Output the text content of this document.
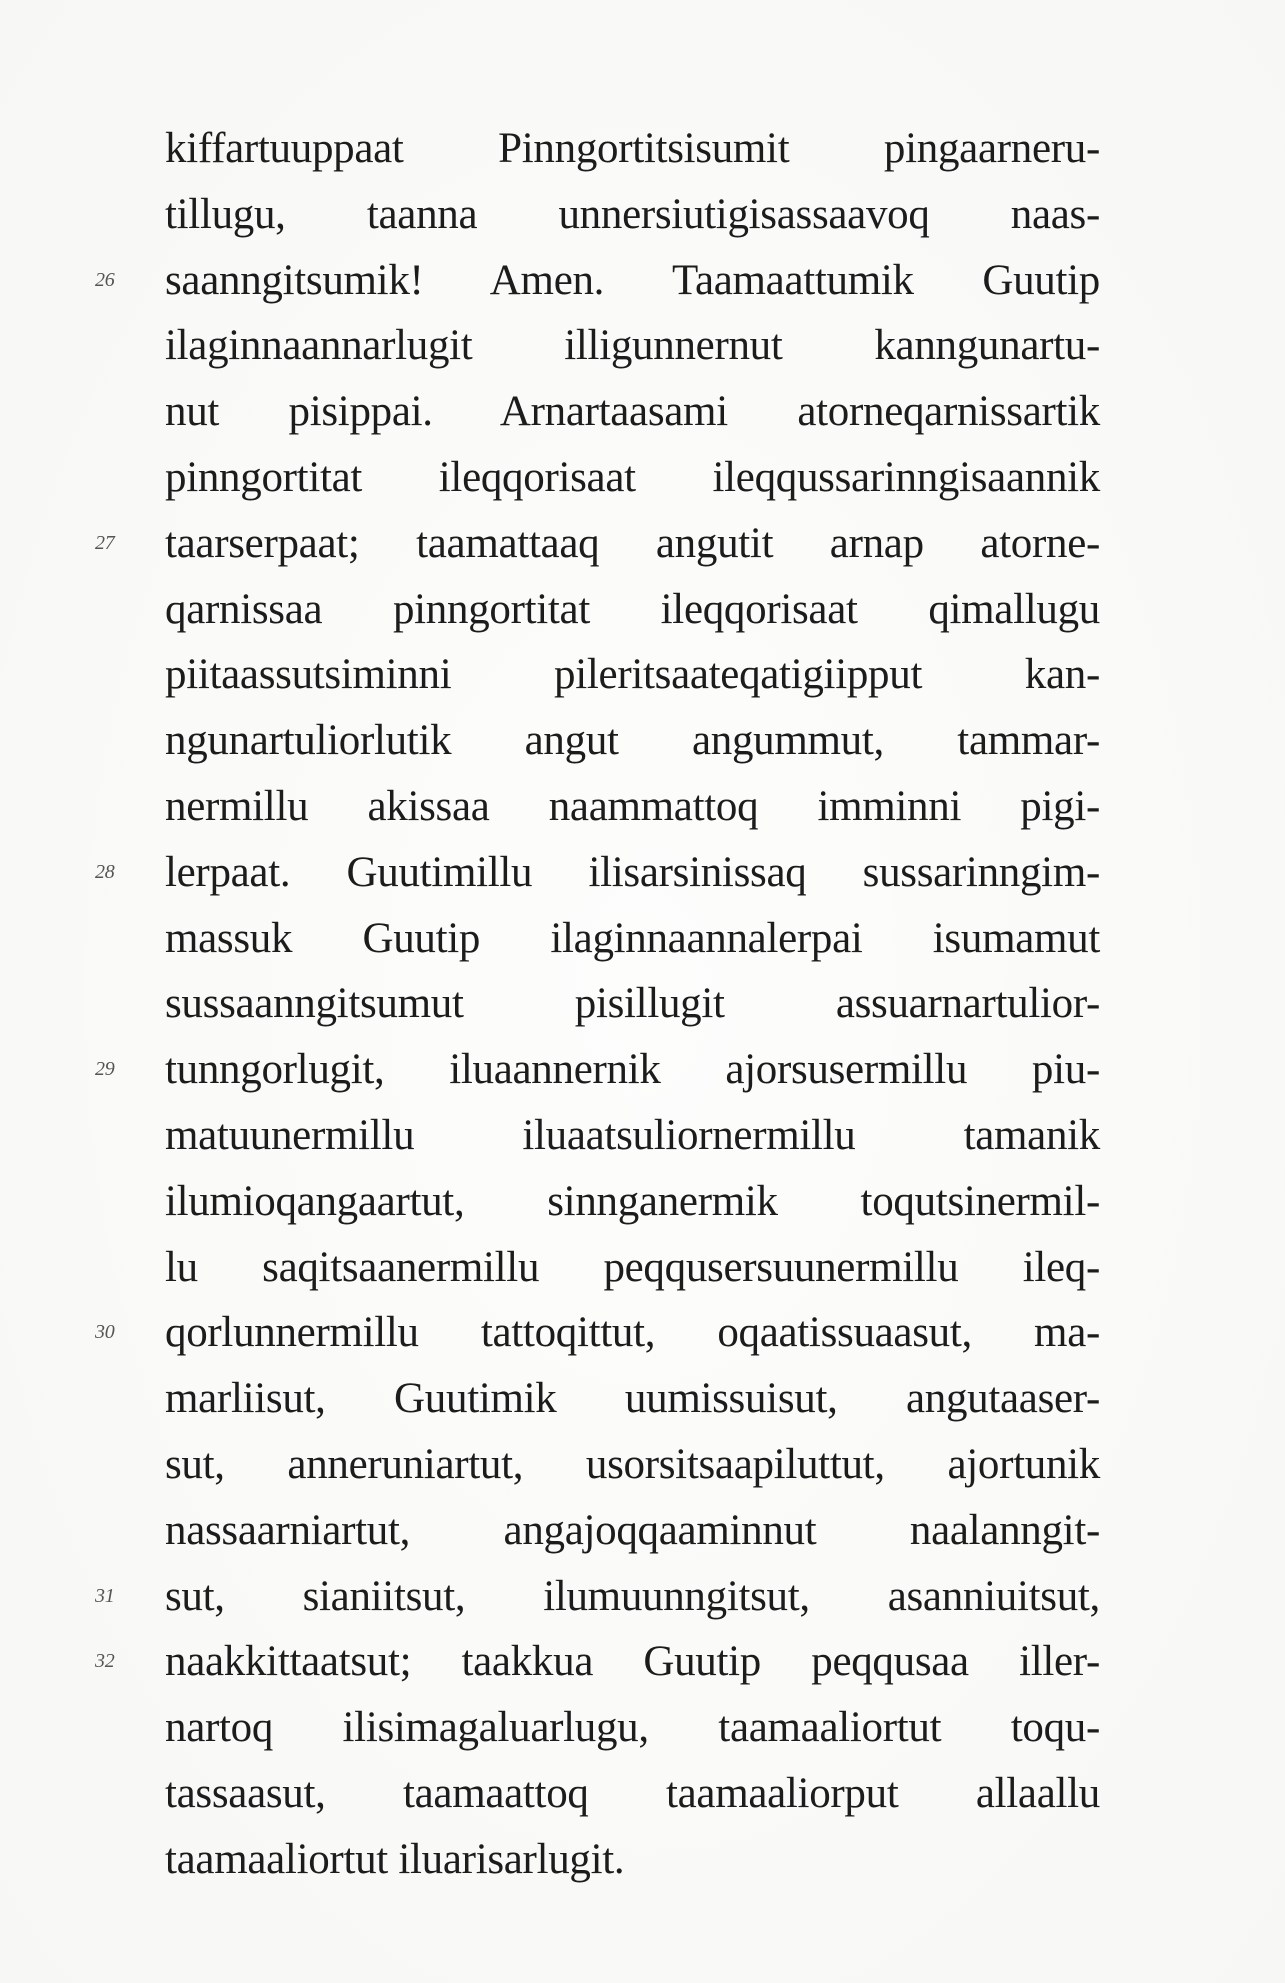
kiffartuuppaat Pinngortitsisumit pingaarneru-
tillugu, taanna unnersiutigisassaavoq naas-
26 saanngitsumik! Amen. Taamaattumik Guutip
ilaginnaannarlugit illigunnernut kanngunartu-
nut pisippai. Arnartaasami atorneqarnissartik
pinngortitat ileqqorisaat ileqqussarinngisaannik
27 taarserpaat; taamattaaq angutit arnap atorne-
qarnissaa pinngortitat ileqqorisaat qimallugu
piitaassutsiminni pileritsaateqatigiipput kan-
ngunartuliorlutik angut angummut, tammar-
nermillu akissaa naammattoq imminni pigi-
28 lerpaat. Guutimillu ilisarsinissaq sussarinngim-
massuk Guutip ilaginnaannalerpai isumamut
sussaanngitsumut pisillugit assuarnartulior-
29 tunngorlugit, iluaannernik ajorsusermillu piu-
matuunermillu iluaatsuliornermillu tamanik
ilumioqangaartut, sinnganermik toqutsinermil-
lu saqitsaanermillu peqqusersuunermillu ileq-
30 qorlunnermillu tattoqittut, oqaatissuaasut, ma-
marliisut, Guutimik uumissuisut, angutaaser-
sut, anneruniartut, usorsitsaapiluttut, ajortunik
nassaarniartut, angajoqqaaminnut naalanngit-
31 sut, sianiitsut, ilumuunngitsut, asanniuitsut,
32 naakkittaatsut; taakkua Guutip peqqusaa iller-
nartoq ilisimagaluarlugu, taamaaliortut toqu-
tassaasut, taamaattoq taamaaliorput allaallu
taamaaliortut iluarisarlugit.
